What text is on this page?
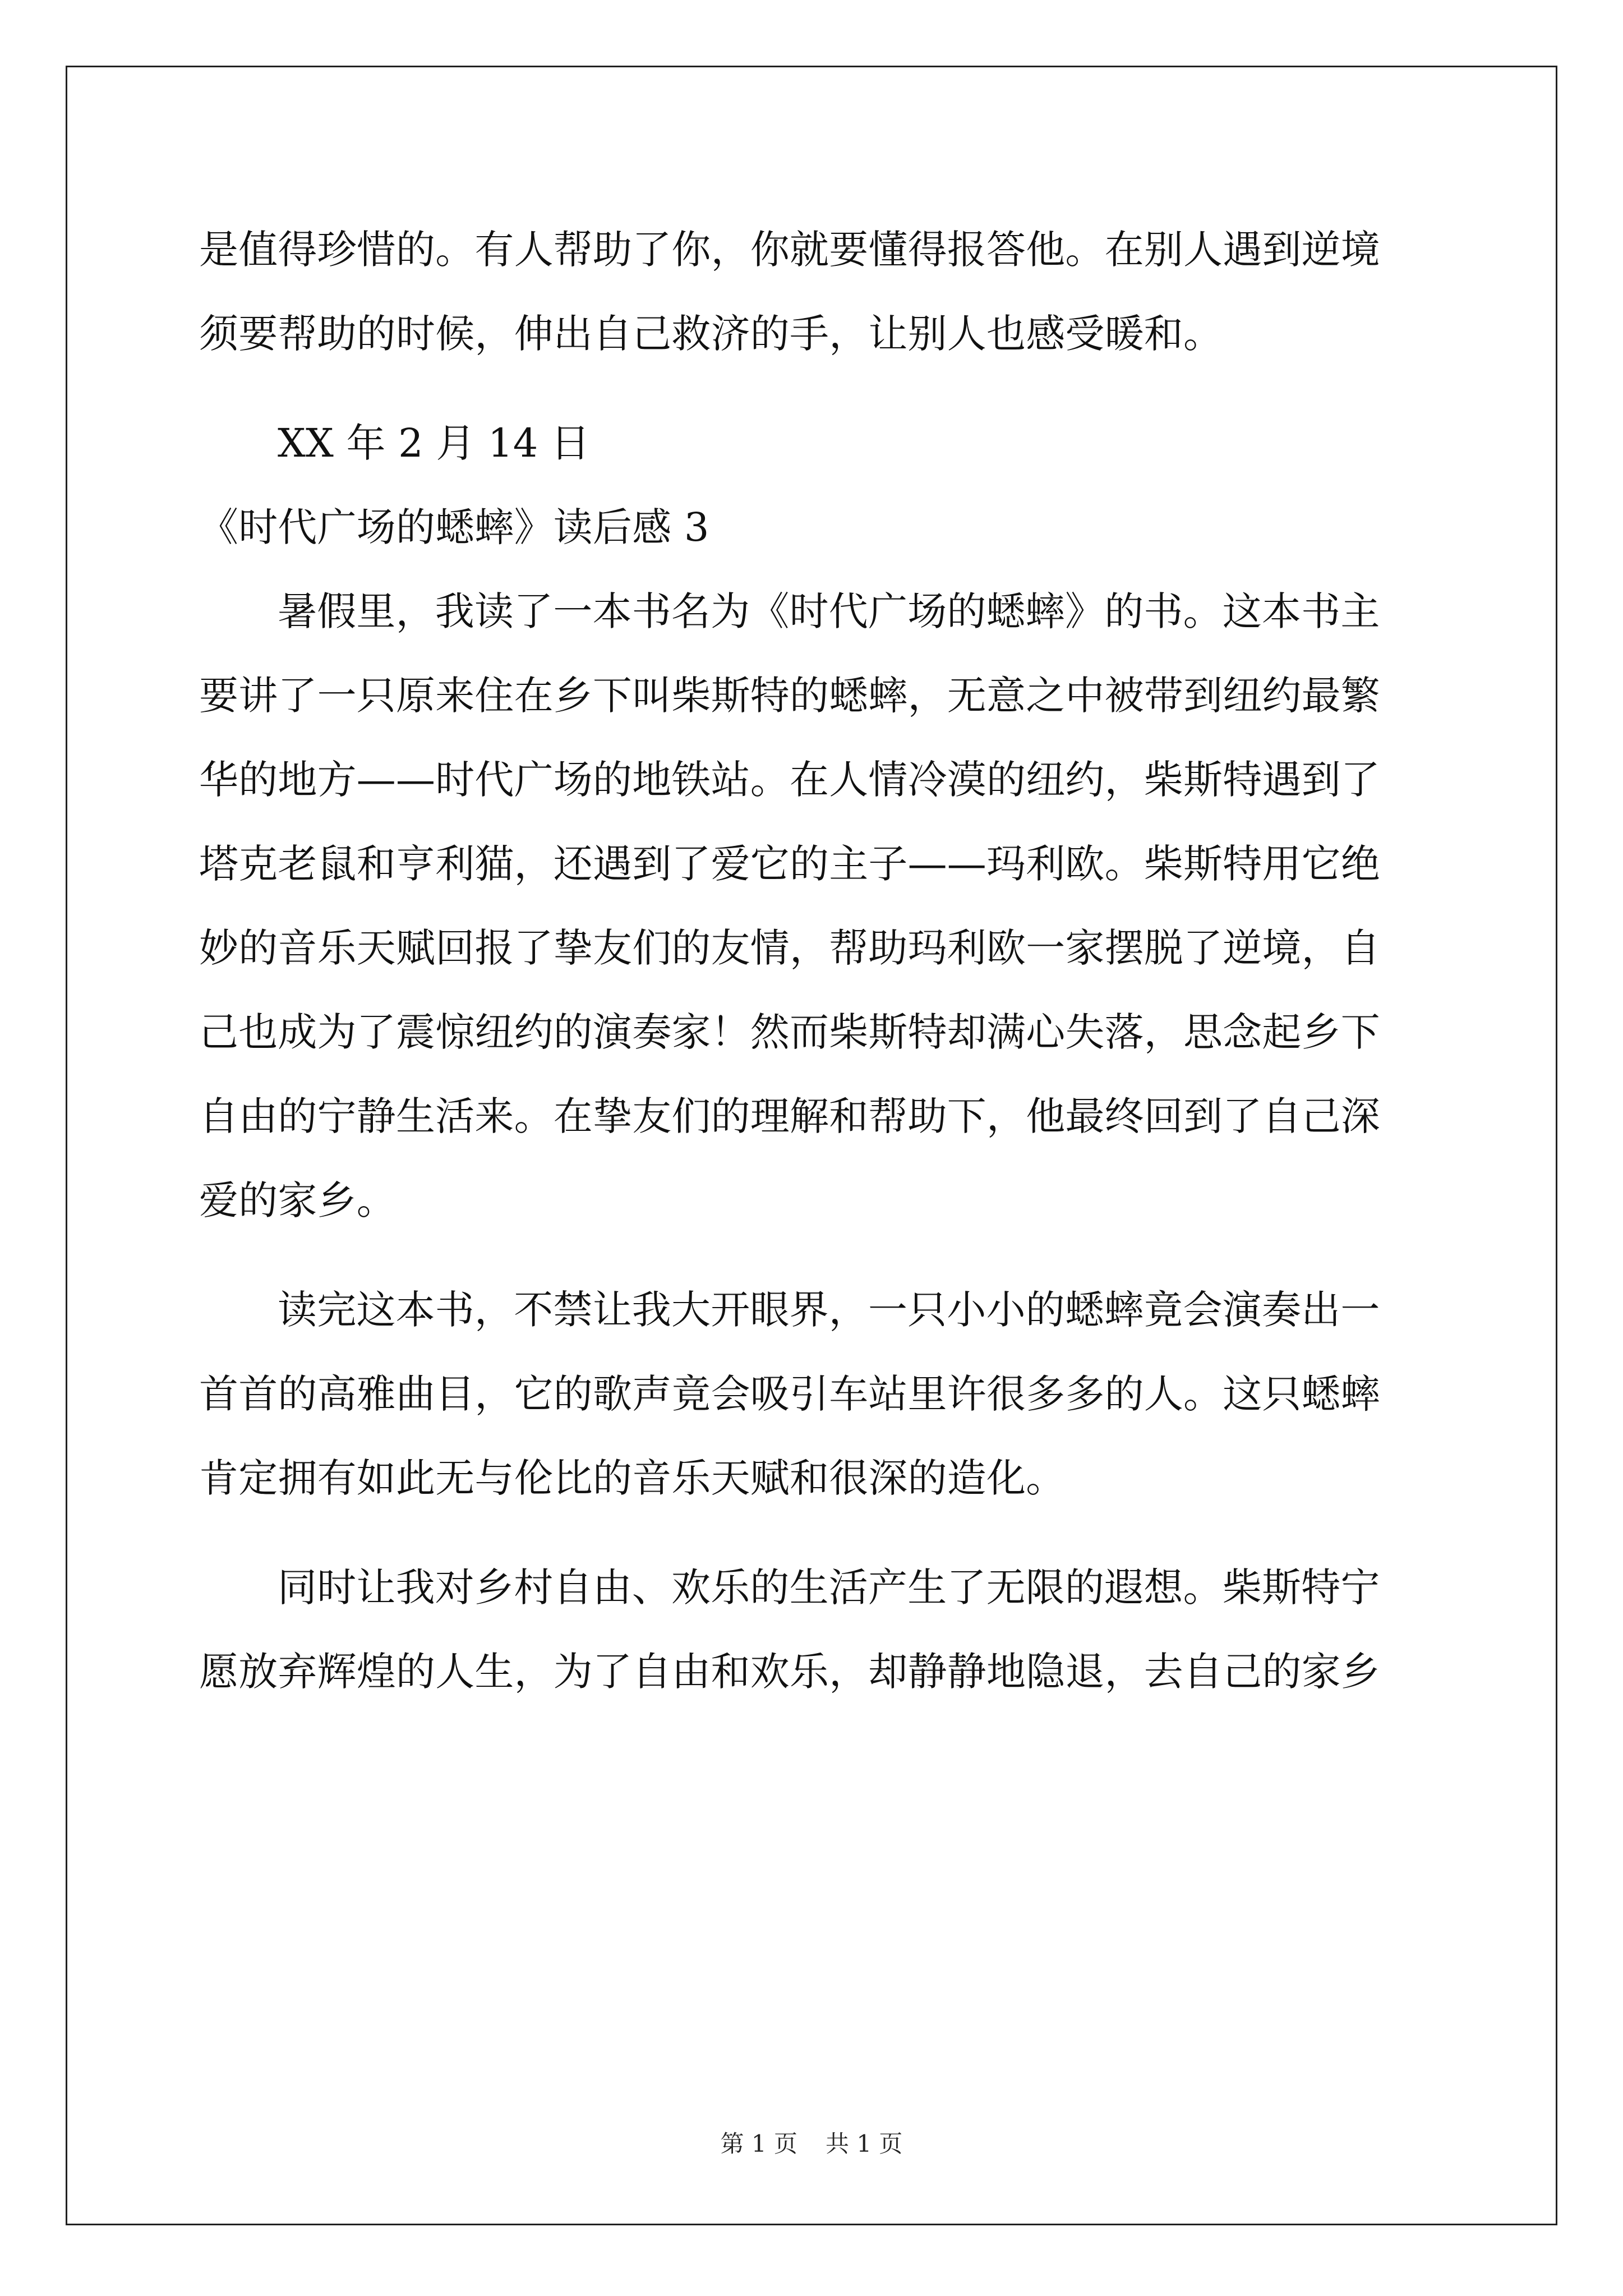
是值得珍惜的。有人帮助了你，你就要懂得报答他。在别人遇到逆境
须要帮助的时候，伸出自己救济的手，让别人也感受暖和。
XX 年 2 月 14 日
《时代广场的蟋蟀》读后感 3
暑假里，我读了一本书名为《时代广场的蟋蟀》的书。这本书主
要讲了一只原来住在乡下叫柴斯特的蟋蟀，无意之中被带到纽约最繁
华的地方——时代广场的地铁站。在人情冷漠的纽约，柴斯特遇到了
塔克老鼠和亨利猫，还遇到了爱它的主子——玛利欧。柴斯特用它绝
妙的音乐天赋回报了挚友们的友情，帮助玛利欧一家摆脱了逆境，自
己也成为了震惊纽约的演奏家！然而柴斯特却满心失落，思念起乡下
自由的宁静生活来。在挚友们的理解和帮助下，他最终回到了自己深
爱的家乡。
读完这本书，不禁让我大开眼界，一只小小的蟋蟀竟会演奏出一
首首的高雅曲目，它的歌声竟会吸引车站里许很多多的人。这只蟋蟀
肯定拥有如此无与伦比的音乐天赋和很深的造化。
同时让我对乡村自由、欢乐的生活产生了无限的遐想。柴斯特宁
愿放弃辉煌的人生，为了自由和欢乐，却静静地隐退，去自己的家乡
第 1 页 共 1 页
